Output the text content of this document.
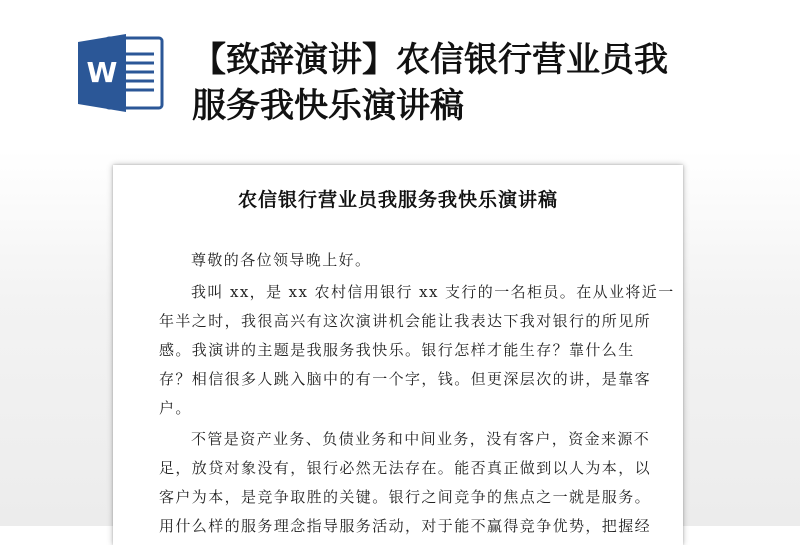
W 【致辞演讲】农信银行营业员我
服务我快乐演讲稿
农信银行营业员我服务我快乐演讲稿
尊敬的各位领导晚上好。
我叫 xx，是 xx 农村信用银行 xx 支行的一名柜员。在从业将近一
年半之时，我很高兴有这次演讲机会能让我表达下我对银行的所见所
感。我演讲的主题是我服务我快乐。银行怎样才能生存？靠什么生
存？相信很多人跳入脑中的有一个字，钱。但更深层次的讲，是靠客
户。
不管是资产业务、负债业务和中间业务，没有客户，资金来源不
足，放贷对象没有，银行必然无法存在。能否真正做到以人为本，以
客户为本，是竞争取胜的关键。银行之间竞争的焦点之一就是服务。
用什么样的服务理念指导服务活动，对于能不赢得竞争优势，把握经
